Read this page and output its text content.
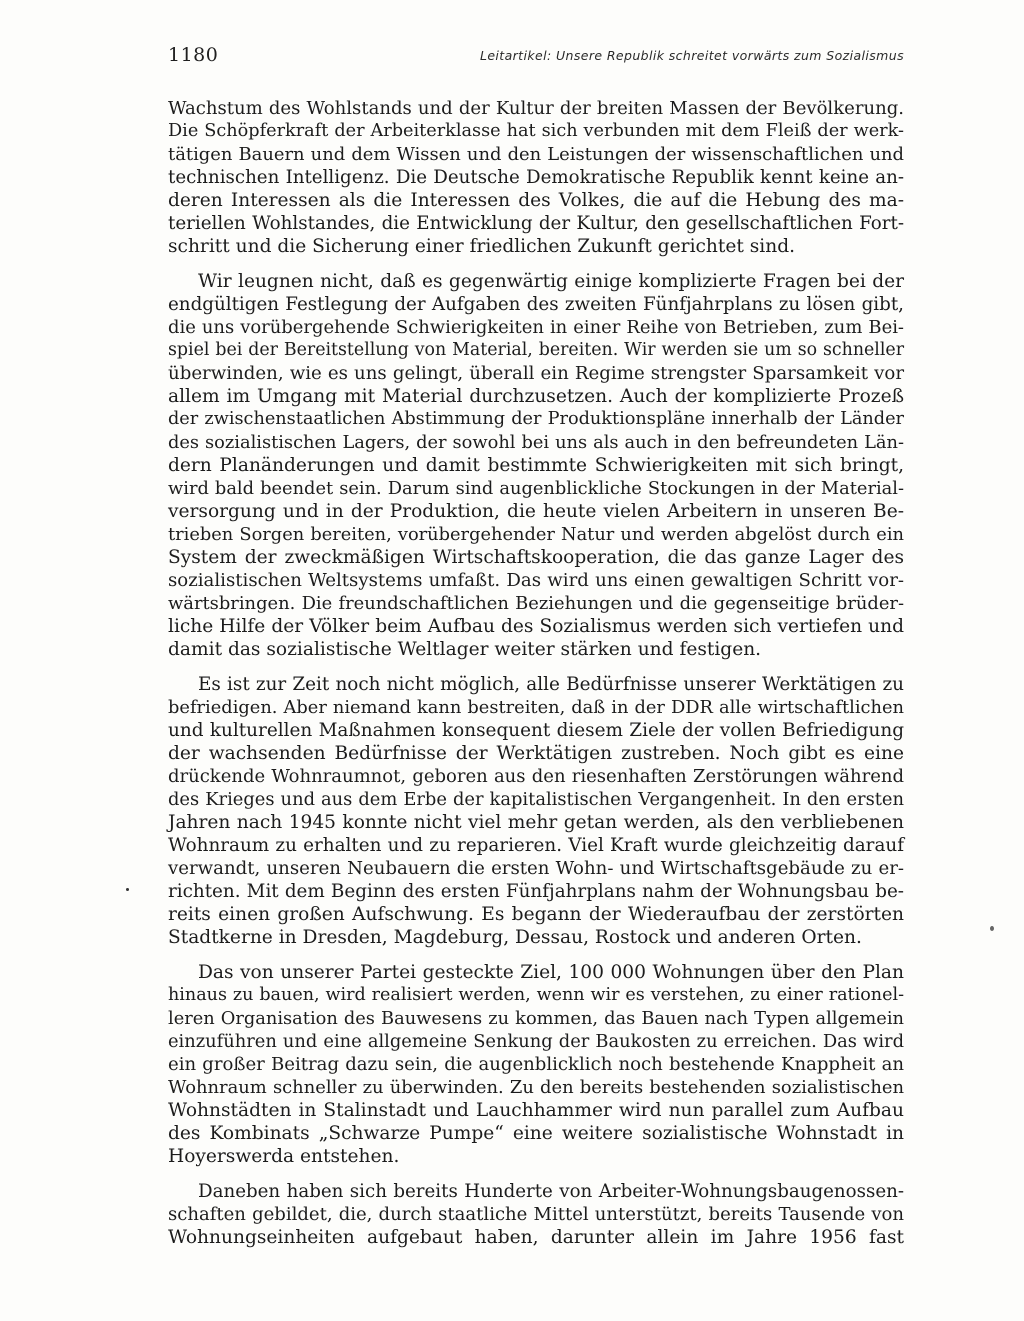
1180	Leitartikel: Unsere Republik schreitet vorwärts zum Sozialismus
Wachstum des Wohlstands und der Kultur der breiten Massen der Bevölkerung.
Die Schöpferkraft der Arbeiterklasse hat sich verbunden mit dem Fleiß der werk-
tätigen Bauern und dem Wissen und den Leistungen der wissenschaftlichen und
technischen Intelligenz. Die Deutsche Demokratische Republik kennt keine an-
deren Interessen als die Interessen des Volkes, die auf die Hebung des ma-
teriellen Wohlstandes, die Entwicklung der Kultur, den gesellschaftlichen Fort-
schritt und die Sicherung einer friedlichen Zukunft gerichtet sind.
Wir leugnen nicht, daß es gegenwärtig einige komplizierte Fragen bei der
endgültigen Festlegung der Aufgaben des zweiten Fünfjahrplans zu lösen gibt,
die uns vorübergehende Schwierigkeiten in einer Reihe von Betrieben, zum Bei-
spiel bei der Bereitstellung von Material, bereiten. Wir werden sie um so schneller
überwinden, wie es uns gelingt, überall ein Regime strengster Sparsamkeit vor
allem im Umgang mit Material durchzusetzen. Auch der komplizierte Prozeß
der zwischenstaatlichen Abstimmung der Produktionspläne innerhalb der Länder
des sozialistischen Lagers, der sowohl bei uns als auch in den befreundeten Län-
dern Planänderungen und damit bestimmte Schwierigkeiten mit sich bringt,
wird bald beendet sein. Darum sind augenblickliche Stockungen in der Material-
versorgung und in der Produktion, die heute vielen Arbeitern in unseren Be-
trieben Sorgen bereiten, vorübergehender Natur und werden abgelöst durch ein
System der zweckmäßigen Wirtschaftskooperation, die das ganze Lager des
sozialistischen Weltsystems umfaßt. Das wird uns einen gewaltigen Schritt vor-
wärtsbringen. Die freundschaftlichen Beziehungen und die gegenseitige brüder-
liche Hilfe der Völker beim Aufbau des Sozialismus werden sich vertiefen und
damit das sozialistische Weltlager weiter stärken und festigen.
Es ist zur Zeit noch nicht möglich, alle Bedürfnisse unserer Werktätigen zu
befriedigen. Aber niemand kann bestreiten, daß in der DDR alle wirtschaftlichen
und kulturellen Maßnahmen konsequent diesem Ziele der vollen Befriedigung
der wachsenden Bedürfnisse der Werktätigen zustreben. Noch gibt es eine
drückende Wohnraumnot, geboren aus den riesenhaften Zerstörungen während
des Krieges und aus dem Erbe der kapitalistischen Vergangenheit. In den ersten
Jahren nach 1945 konnte nicht viel mehr getan werden, als den verbliebenen
Wohnraum zu erhalten und zu reparieren. Viel Kraft wurde gleichzeitig darauf
verwandt, unseren Neubauern die ersten Wohn- und Wirtschaftsgebäude zu er-
richten. Mit dem Beginn des ersten Fünfjahrplans nahm der Wohnungsbau be-
reits einen großen Aufschwung. Es begann der Wiederaufbau der zerstörten
Stadtkerne in Dresden, Magdeburg, Dessau, Rostock und anderen Orten.
Das von unserer Partei gesteckte Ziel, 100 000 Wohnungen über den Plan
hinaus zu bauen, wird realisiert werden, wenn wir es verstehen, zu einer rationel-
leren Organisation des Bauwesens zu kommen, das Bauen nach Typen allgemein
einzuführen und eine allgemeine Senkung der Baukosten zu erreichen. Das wird
ein großer Beitrag dazu sein, die augenblicklich noch bestehende Knappheit an
Wohnraum schneller zu überwinden. Zu den bereits bestehenden sozialistischen
Wohnstädten in Stalinstadt und Lauchhammer wird nun parallel zum Aufbau
des Kombinats „Schwarze Pumpe“ eine weitere sozialistische Wohnstadt in
Hoyerswerda entstehen.
Daneben haben sich bereits Hunderte von Arbeiter-Wohnungsbaugenossen-
schaften gebildet, die, durch staatliche Mittel unterstützt, bereits Tausende von
Wohnungseinheiten aufgebaut haben, darunter allein im Jahre 1956 fast
